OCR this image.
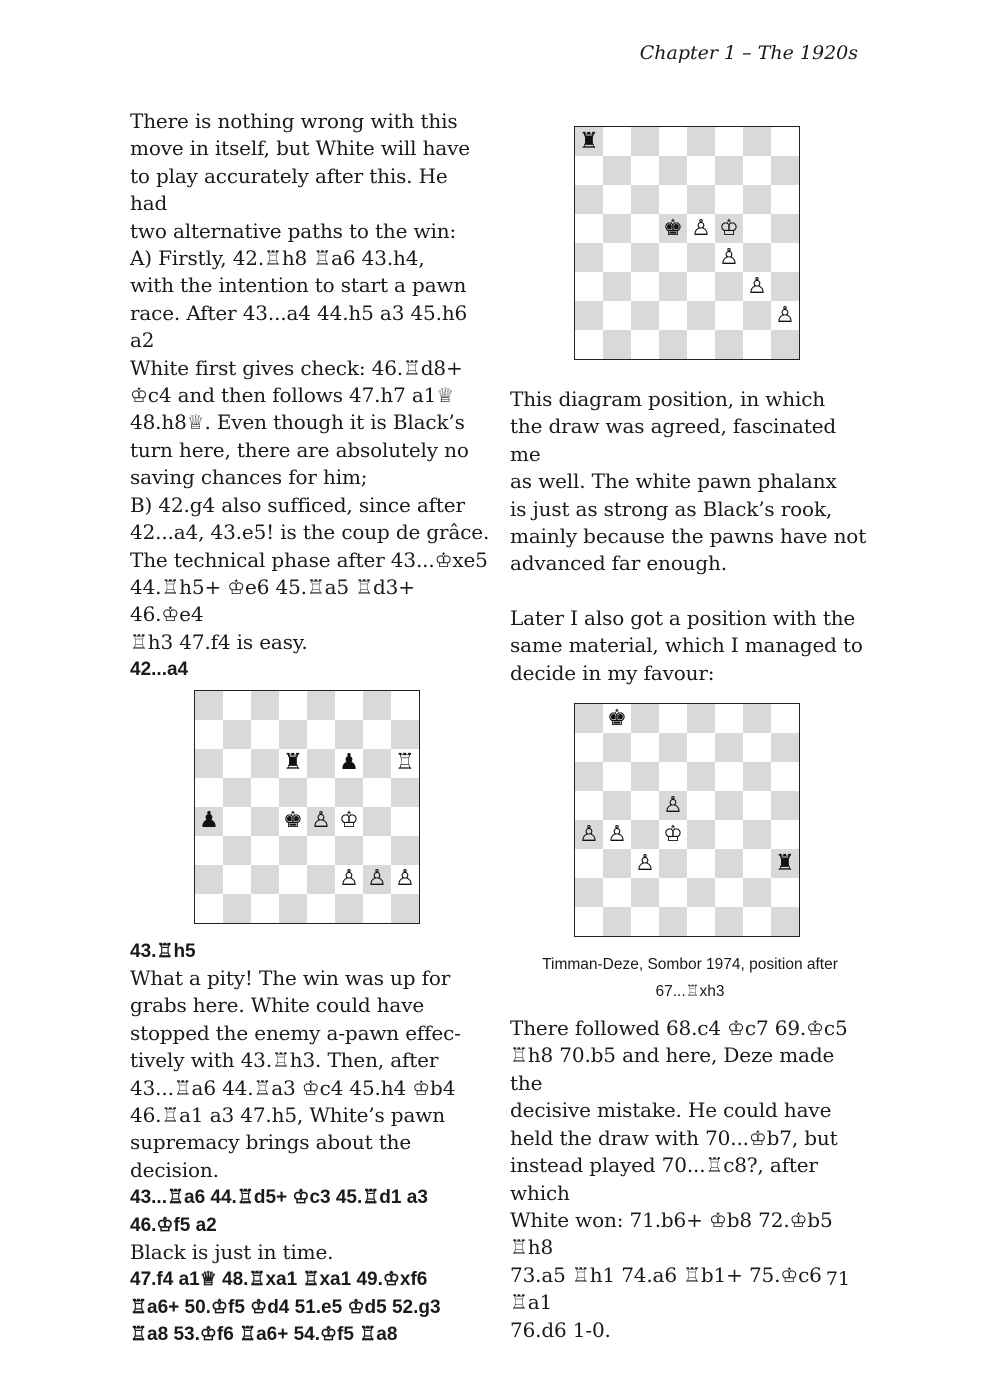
Chapter 1 – The 1920s

There is nothing wrong with this
move in itself, but White will have
to play accurately after this. He had
two alternative paths to the win:
A) Firstly, 42.♖h8 ♖a6 43.h4,
with the intention to start a pawn
race. After 43...a4 44.h5 a3 45.h6 a2
White first gives check: 46.♖d8+
♔c4 and then follows 47.h7 a1♕
48.h8♕. Even though it is Black’s
turn here, there are absolutely no
saving chances for him;
B) 42.g4 also sufficed, since after
42...a4, 43.e5! is the coup de grâce.
The technical phase after 43...♔xe5
44.♖h5+ ♔e6 45.♖a5 ♖d3+ 46.♔e4
♖h3 47.f4 is easy.

42...a4

♜ ♟ ♖
♟	♚ ♙ ♔
♙ ♙ ♙

43.♖h5

What a pity! The win was up for
grabs here. White could have
stopped the enemy a-pawn effec-
tively with 43.♖h3. Then, after
43...♖a6 44.♖a3 ♔c4 45.h4 ♔b4
46.♖a1 a3 47.h5, White’s pawn
supremacy brings about the decision.

43...♖a6 44.♖d5+ ♔c3 45.♖d1 a3
46.♔f5 a2

Black is just in time.

47.f4 a1♕ 48.♖xa1 ♖xa1 49.♔xf6
♖a6+ 50.♔f5 ♔d4 51.e5 ♔d5 52.g3
♖a8 53.♔f6 ♖a6+ 54.♔f5 ♖a8

♜
♚ ♙ ♔
♙
♙
♙

This diagram position, in which
the draw was agreed, fascinated me
as well. The white pawn phalanx
is just as strong as Black’s rook,
mainly because the pawns have not
advanced far enough.

Later I also got a position with the
same material, which I managed to
decide in my favour:

♚
♙
♙ ♙ ♔
♙	♜

Timman-Deze, Sombor 1974, position after
67...♖xh3

There followed 68.c4 ♔c7 69.♔c5
♖h8 70.b5 and here, Deze made the
decisive mistake. He could have
held the draw with 70...♔b7, but
instead played 70...♖c8?, after which
White won: 71.b6+ ♔b8 72.♔b5 ♖h8
73.a5 ♖h1 74.a6 ♖b1+ 75.♔c6 ♖a1
76.d6 1-0.

71
